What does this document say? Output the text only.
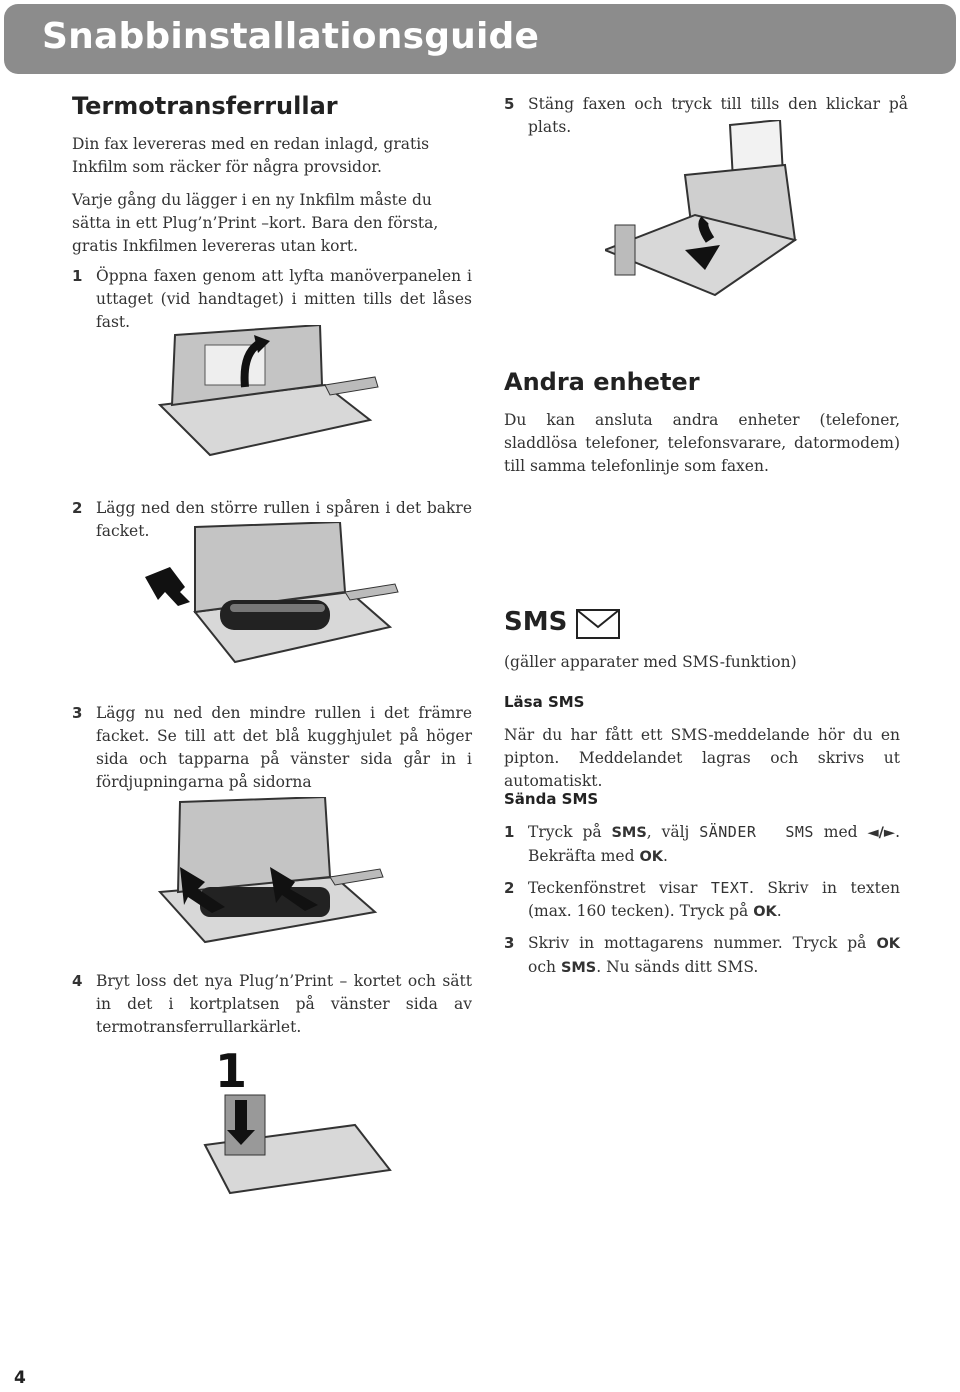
Snabbinstallationsguide
Termotransferrullar

Din fax levereras med en redan inlagd, gratis Inkfilm som räcker för några provsidor.

Varje gång du lägger i en ny Inkfilm måste du sätta in ett Plug’n’Print –kort. Bara den första, gratis Inkfilmen levereras utan kort.

1 Öppna faxen genom att lyfta manöverpanelen i uttaget (vid handtaget) i mitten tills det låses fast.
2 Lägg ned den större rullen i spåren i det bakre facket.
3 Lägg nu ned den mindre rullen i det främre facket. Se till att det blå kugghjulet på höger sida och tapparna på vänster sida går in i fördjupningarna på sidorna
4 Bryt loss det nya Plug’n’Print – kortet och sätt in det i kortplatsen på vänster sida av termotransferrullarkärlet.
1
5 Stäng faxen och tryck till tills den klickar på plats.
Andra enheter

Du kan ansluta andra enheter (telefoner, sladdlösa telefoner, telefonsvarare, datormodem) till samma telefonlinje som faxen.

SMS

(gäller apparater med SMS-funktion)

Läsa SMS

När du har fått ett SMS-meddelande hör du en pipton. Meddelandet lagras och skrivs ut automatiskt.

Sända SMS
1 Tryck på SMS, välj SÄNDER  SMS med ◄/►. Bekräfta med OK.
2 Teckenfönstret visar TEXT. Skriv in texten (max. 160 tecken). Tryck på OK.
3 Skriv in mottagarens nummer. Tryck på OK och SMS. Nu sänds ditt SMS.
4
